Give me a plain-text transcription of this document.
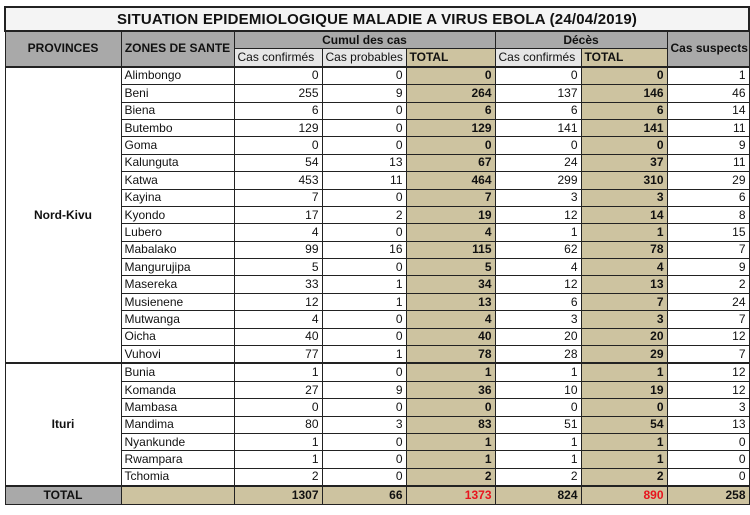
SITUATION EPIDEMIOLOGIQUE MALADIE A VIRUS EBOLA (24/04/2019)							
PROVINCES	ZONES DE SANTE	Cumul des cas			Décès		Cas suspects
		Cas confirmés	Cas probables	TOTAL	Cas confirmés	TOTAL	
Nord-Kivu	Alimbongo	0	0	0	0	0	1
	Beni	255	9	264	137	146	46
	Biena	6	0	6	6	6	14
	Butembo	129	0	129	141	141	11
	Goma	0	0	0	0	0	9
	Kalunguta	54	13	67	24	37	11
	Katwa	453	11	464	299	310	29
	Kayina	7	0	7	3	3	6
	Kyondo	17	2	19	12	14	8
	Lubero	4	0	4	1	1	15
	Mabalako	99	16	115	62	78	7
	Mangurujipa	5	0	5	4	4	9
	Masereka	33	1	34	12	13	2
	Musienene	12	1	13	6	7	24
	Mutwanga	4	0	4	3	3	7
	Oicha	40	0	40	20	20	12
	Vuhovi	77	1	78	28	29	7
Ituri	Bunia	1	0	1	1	1	12
	Komanda	27	9	36	10	19	12
	Mambasa	0	0	0	0	0	3
	Mandima	80	3	83	51	54	13
	Nyankunde	1	0	1	1	1	0
	Rwampara	1	0	1	1	1	0
	Tchomia	2	0	2	2	2	0
TOTAL		1307	66	1373	824	890	258
